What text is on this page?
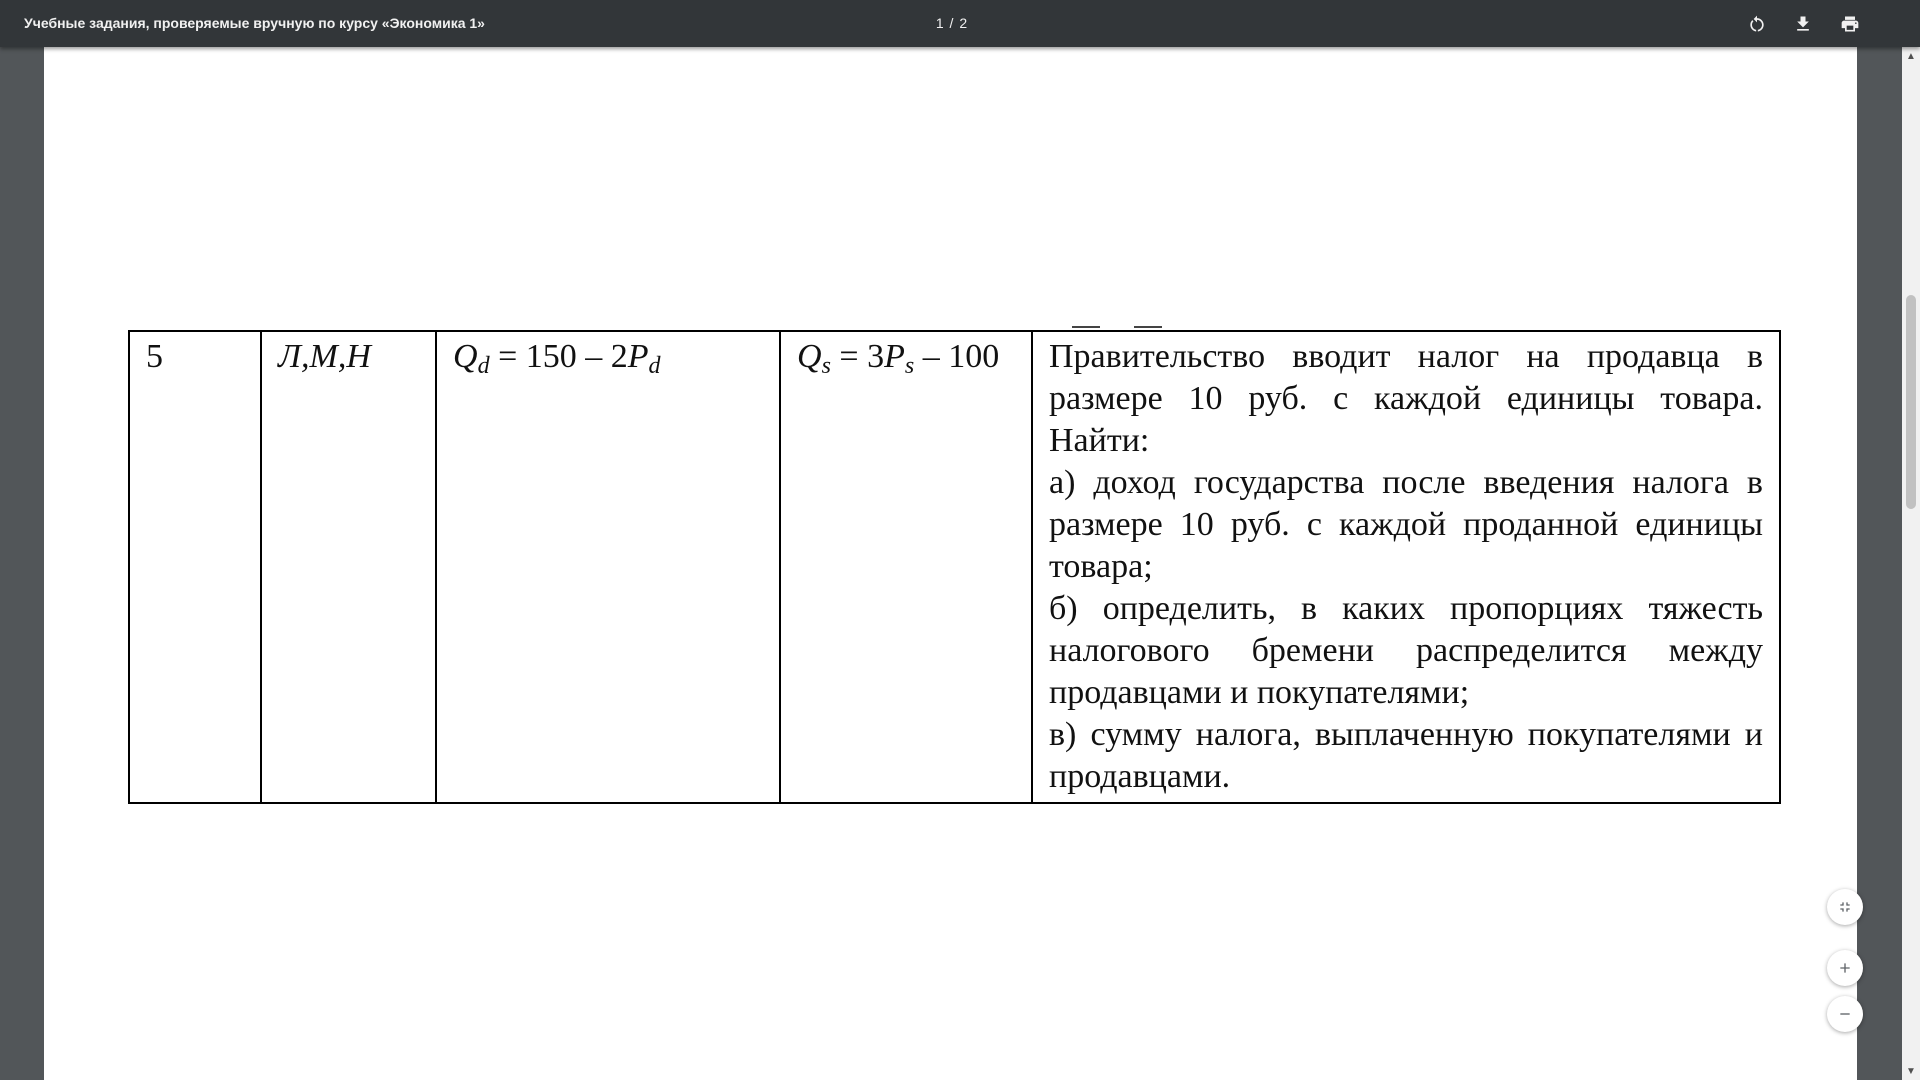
Учебные задания, проверяемые вручную по курсу «Экономика 1»	1 / 2
5	Л,М,Н	$Q_d = 150 - 2P_d$	$Q_s = 3P_s - 100$	Правительство вводит налог на продавца в размере 10 руб. с каждой единицы товара. Найти:

а) доход государства после введения налога в размере 10 руб. с каждой проданной единицы товара;

б) определить, в каких пропорциях тяжесть налогового бремени распределится между продавцами и покупателями;

в) сумму налога, выплаченную покупателями и продавцами.

▲
▼
